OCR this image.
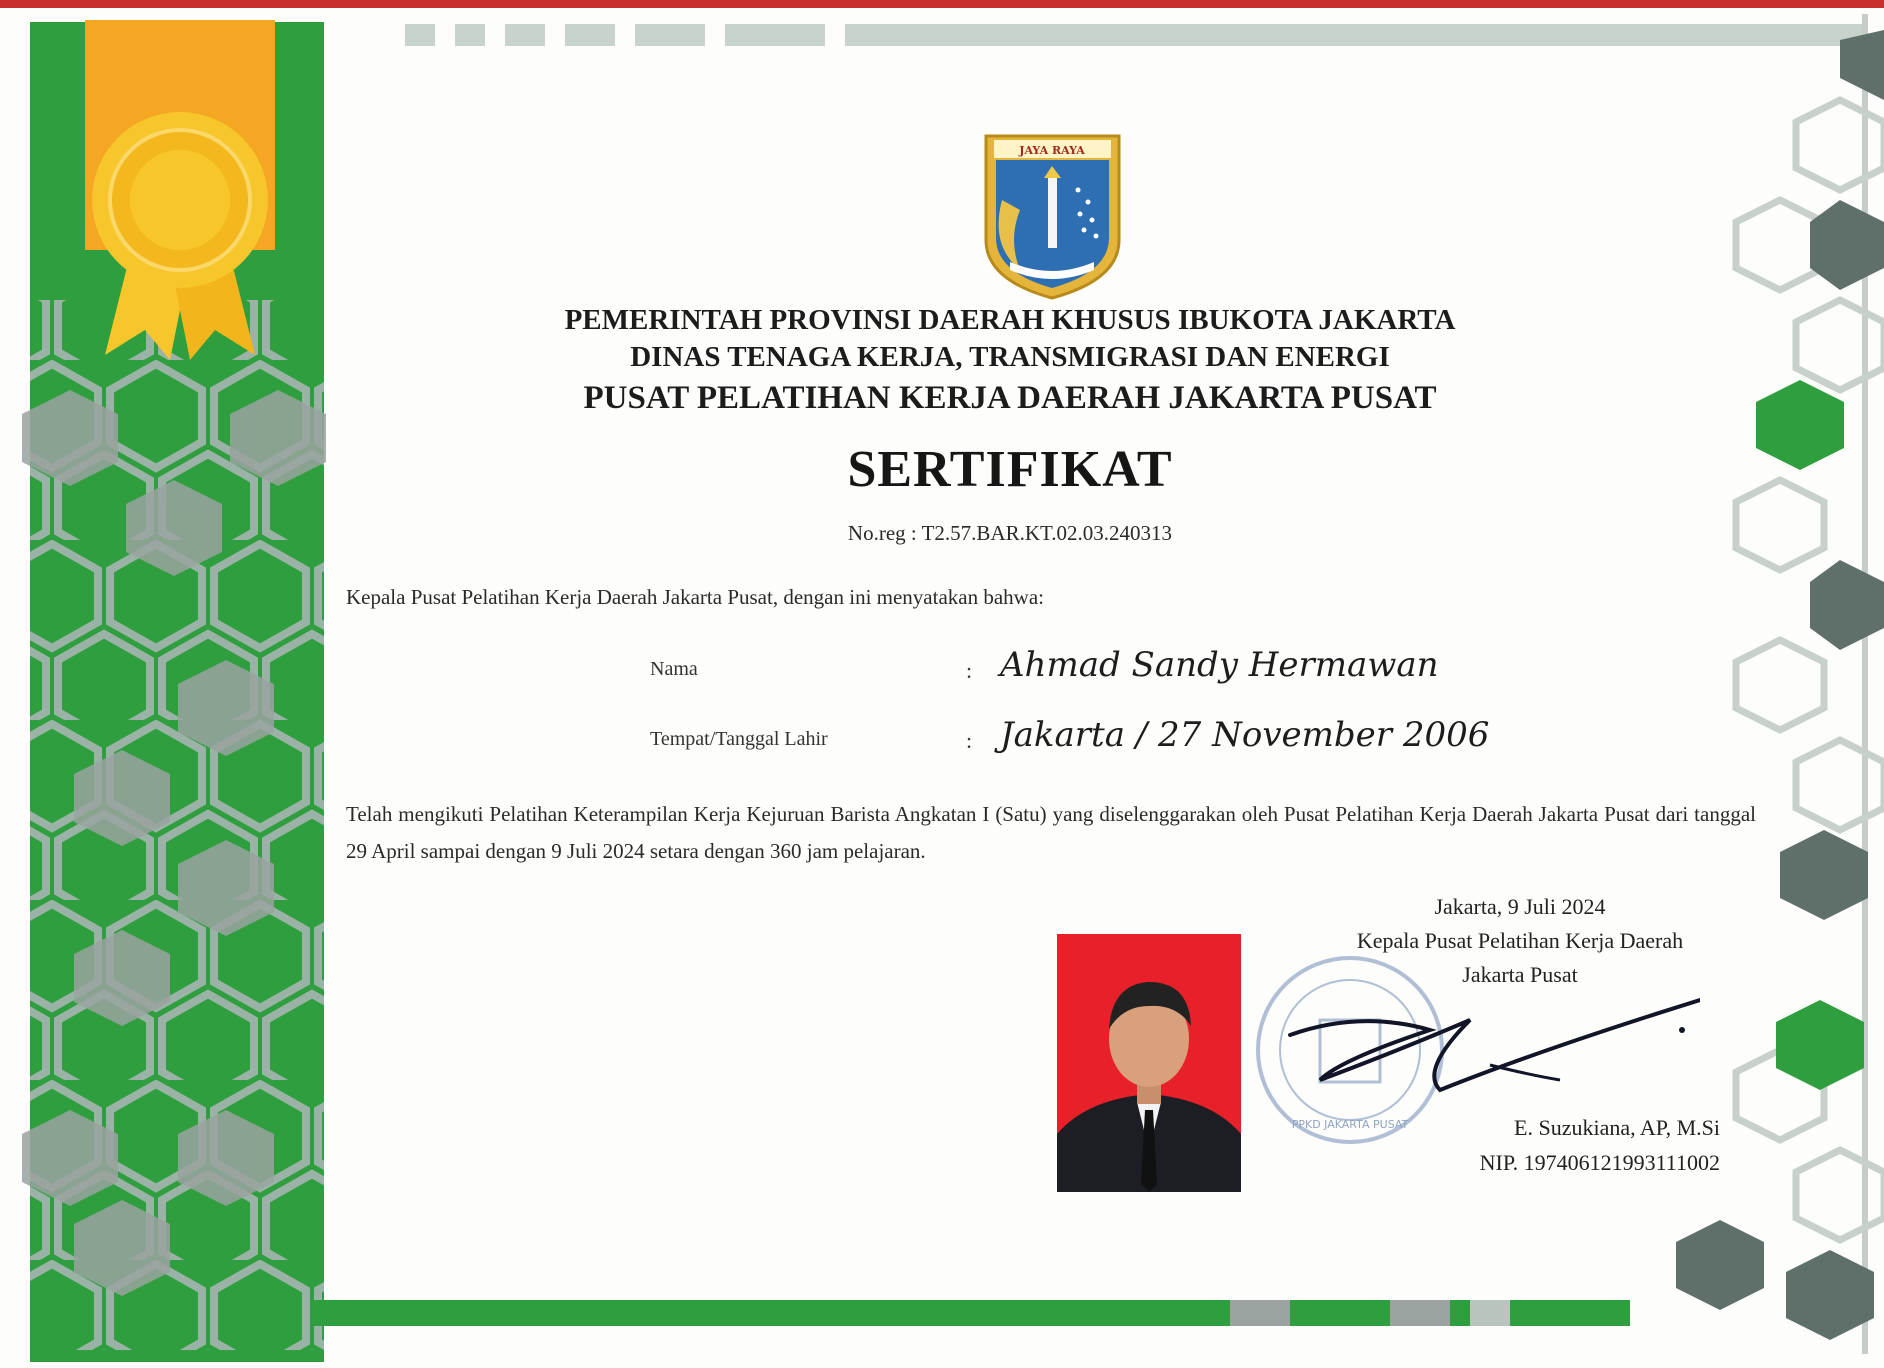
JAYA RAYA
PEMERINTAH PROVINSI DAERAH KHUSUS IBUKOTA JAKARTA
DINAS TENAGA KERJA, TRANSMIGRASI DAN ENERGI
PUSAT PELATIHAN KERJA DAERAH JAKARTA PUSAT
SERTIFIKAT
No.reg : T2.57.BAR.KT.02.03.240313
Kepala Pusat Pelatihan Kerja Daerah Jakarta Pusat, dengan ini menyatakan bahwa:
Nama	: Ahmad Sandy Hermawan
Tempat/Tanggal Lahir	: Jakarta / 27 November 2006
Telah mengikuti Pelatihan Keterampilan Kerja Kejuruan Barista Angkatan I (Satu) yang diselenggarakan oleh Pusat Pelatihan Kerja Daerah Jakarta Pusat dari tanggal 29 April sampai dengan 9 Juli 2024 setara dengan 360 jam pelajaran.
PPKD JAKARTA PUSAT
Jakarta, 9 Juli 2024
Kepala Pusat Pelatihan Kerja Daerah
Jakarta Pusat
E. Suzukiana, AP, M.Si
NIP. 197406121993111002
